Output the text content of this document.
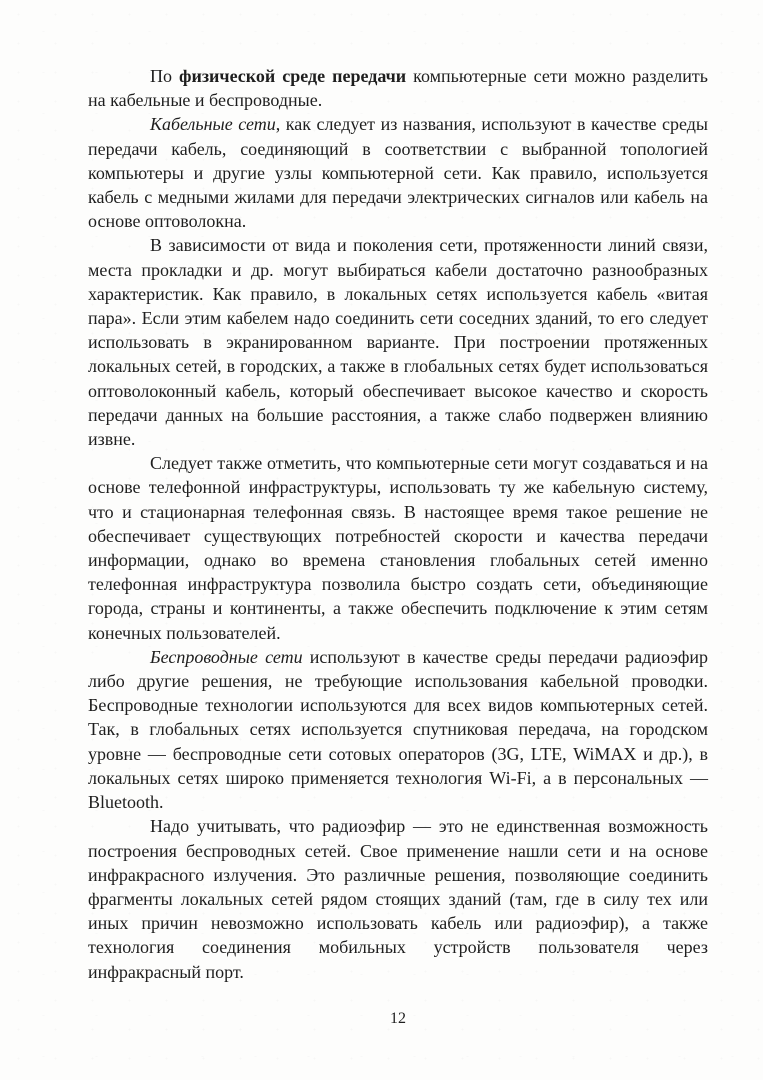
По физической среде передачи компьютерные сети можно разделить на кабельные и беспроводные.

Кабельные сети, как следует из названия, используют в качестве среды передачи кабель, соединяющий в соответствии с выбранной топологией компьютеры и другие узлы компьютерной сети. Как правило, используется кабель с медными жилами для передачи электрических сигналов или кабель на основе оптоволокна.

В зависимости от вида и поколения сети, протяженности линий связи, места прокладки и др. могут выбираться кабели достаточно разнообразных характеристик. Как правило, в локальных сетях используется кабель «витая пара». Если этим кабелем надо соединить сети соседних зданий, то его следует использовать в экранированном варианте. При построении протяженных локальных сетей, в городских, а также в глобальных сетях будет использоваться оптоволоконный кабель, который обеспечивает высокое качество и скорость передачи данных на большие расстояния, а также слабо подвержен влиянию извне.

Следует также отметить, что компьютерные сети могут создаваться и на основе телефонной инфраструктуры, использовать ту же кабельную систему, что и стационарная телефонная связь. В настоящее время такое решение не обеспечивает существующих потребностей скорости и качества передачи информации, однако во времена становления глобальных сетей именно телефонная инфраструктура позволила быстро создать сети, объединяющие города, страны и континенты, а также обеспечить подключение к этим сетям конечных пользователей.

Беспроводные сети используют в качестве среды передачи радиоэфир либо другие решения, не требующие использования кабельной проводки. Беспроводные технологии используются для всех видов компьютерных сетей. Так, в глобальных сетях используется спутниковая передача, на городском уровне — беспроводные сети сотовых операторов (3G, LTE, WiMAX и др.), в локальных сетях широко применяется технология Wi-Fi, а в персональных — Bluetooth.

Надо учитывать, что радиоэфир — это не единственная возможность построения беспроводных сетей. Свое применение нашли сети и на основе инфракрасного излучения. Это различные решения, позволяющие соединить фрагменты локальных сетей рядом стоящих зданий (там, где в силу тех или иных причин невозможно использовать кабель или радиоэфир), а также технология соединения мобильных устройств пользователя через инфракрасный порт.

12
